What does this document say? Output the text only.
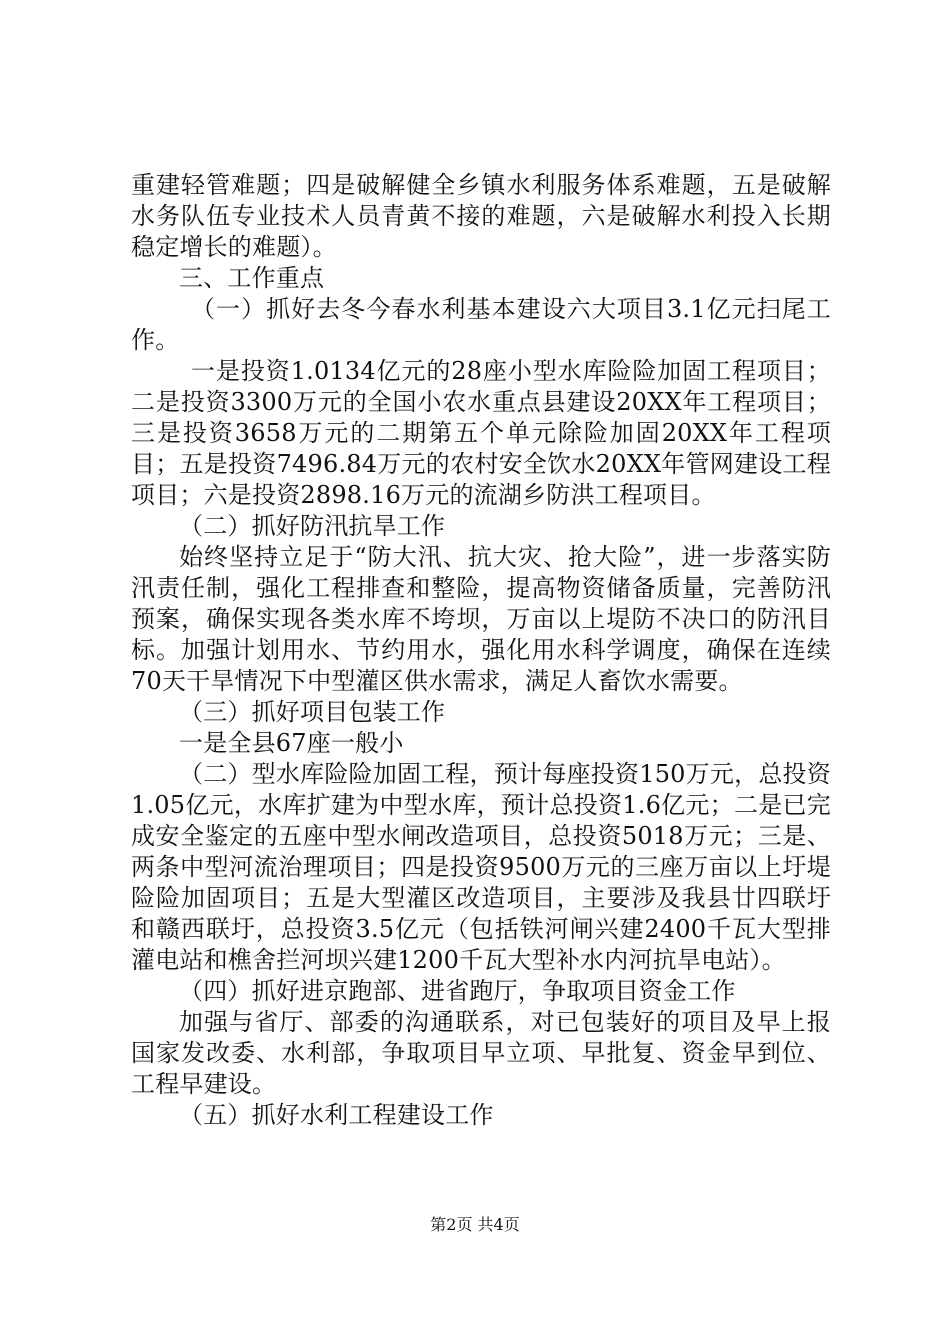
重建轻管难题；四是破解健全乡镇水利服务体系难题，五是破解水务队伍专业技术人员青黄不接的难题，六是破解水利投入长期稳定增长的难题）。

三、工作重点

（一）抓好去冬今春水利基本建设六大项目3.1亿元扫尾工作。

一是投资1.0134亿元的28座小型水库险险加固工程项目；二是投资3300万元的全国小农水重点县建设20XX年工程项目；三是投资3658万元的二期第五个单元除险加固20XX年工程项目；五是投资7496.84万元的农村安全饮水20XX年管网建设工程项目；六是投资2898.16万元的流湖乡防洪工程项目。

（二）抓好防汛抗旱工作

始终坚持立足于“防大汛、抗大灾、抢大险”，进一步落实防汛责任制，强化工程排查和整险，提高物资储备质量，完善防汛预案，确保实现各类水库不垮坝，万亩以上堤防不决口的防汛目标。加强计划用水、节约用水，强化用水科学调度，确保在连续70天干旱情况下中型灌区供水需求，满足人畜饮水需要。

（三）抓好项目包装工作

一是全县67座一般小

（二）型水库险险加固工程，预计每座投资150万元，总投资1.05亿元，水库扩建为中型水库，预计总投资1.6亿元；二是已完成安全鉴定的五座中型水闸改造项目，总投资5018万元；三是、两条中型河流治理项目；四是投资9500万元的三座万亩以上圩堤险险加固项目；五是大型灌区改造项目，主要涉及我县廿四联圩和赣西联圩，总投资3.5亿元（包括铁河闸兴建2400千瓦大型排灌电站和樵舍拦河坝兴建1200千瓦大型补水内河抗旱电站）。

（四）抓好进京跑部、进省跑厅，争取项目资金工作

加强与省厅、部委的沟通联系，对已包装好的项目及早上报国家发改委、水利部，争取项目早立项、早批复、资金早到位、工程早建设。

（五）抓好水利工程建设工作

第2页 共4页
